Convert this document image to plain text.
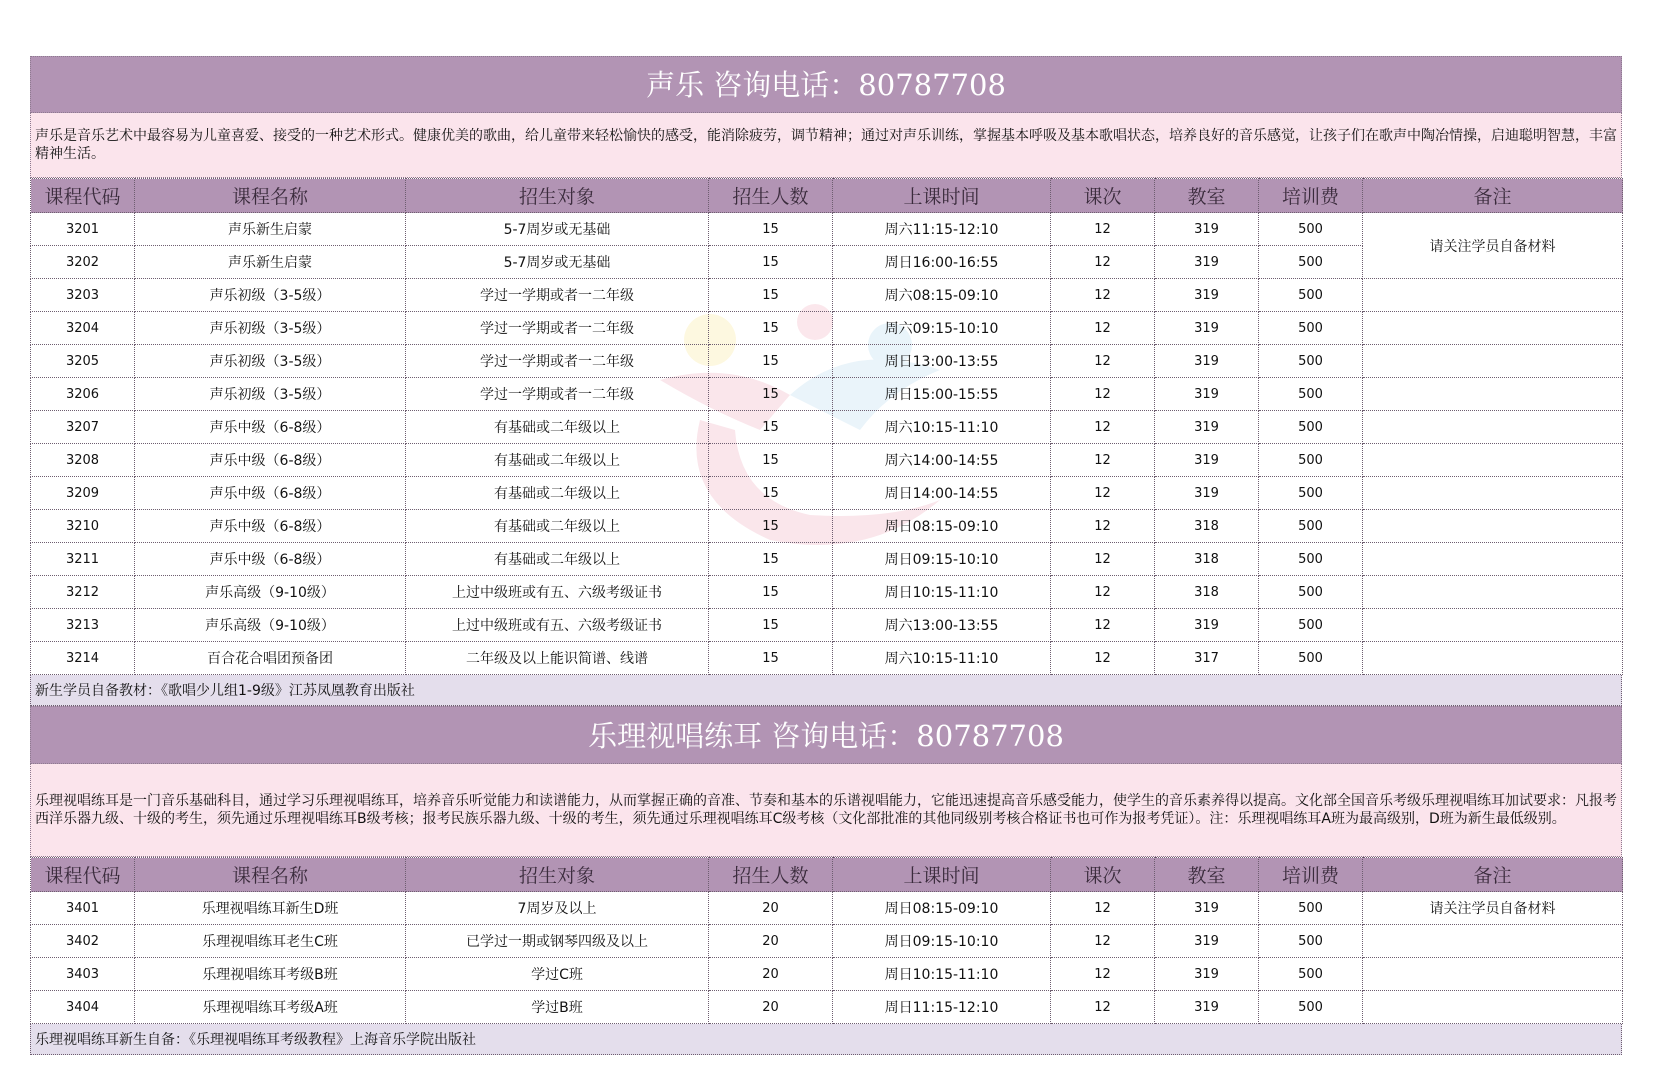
声乐 咨询电话：80787708
声乐是音乐艺术中最容易为儿童喜爱、接受的一种艺术形式。健康优美的歌曲，给儿童带来轻松愉快的感受，能消除疲劳，调节精神；通过对声乐训练，掌握基本呼吸及基本歌唱状态，培养良好的音乐感觉，让孩子们在歌声中陶冶情操，启迪聪明智慧，丰富精神生活。
课程代码	课程名称	招生对象	招生人数	上课时间	课次	教室	培训费	备注
3201	声乐新生启蒙	5-7周岁或无基础	15	周六11:15-12:10	12	319	500	请关注学员自备材料
3202	声乐新生启蒙	5-7周岁或无基础	15	周日16:00-16:55	12	319	500	
3203	声乐初级（3-5级）	学过一学期或者一二年级	15	周六08:15-09:10	12	319	500	
3204	声乐初级（3-5级）	学过一学期或者一二年级	15	周六09:15-10:10	12	319	500	
3205	声乐初级（3-5级）	学过一学期或者一二年级	15	周日13:00-13:55	12	319	500	
3206	声乐初级（3-5级）	学过一学期或者一二年级	15	周日15:00-15:55	12	319	500	
3207	声乐中级（6-8级）	有基础或二年级以上	15	周六10:15-11:10	12	319	500	
3208	声乐中级（6-8级）	有基础或二年级以上	15	周六14:00-14:55	12	319	500	
3209	声乐中级（6-8级）	有基础或二年级以上	15	周日14:00-14:55	12	319	500	
3210	声乐中级（6-8级）	有基础或二年级以上	15	周日08:15-09:10	12	318	500	
3211	声乐中级（6-8级）	有基础或二年级以上	15	周日09:15-10:10	12	318	500	
3212	声乐高级（9-10级）	上过中级班或有五、六级考级证书	15	周日10:15-11:10	12	318	500	
3213	声乐高级（9-10级）	上过中级班或有五、六级考级证书	15	周六13:00-13:55	12	319	500	
3214	百合花合唱团预备团	二年级及以上能识简谱、线谱	15	周六10:15-11:10	12	317	500	
新生学员自备教材：《歌唱少儿组1-9级》江苏凤凰教育出版社
乐理视唱练耳 咨询电话：80787708
乐理视唱练耳是一门音乐基础科目，通过学习乐理视唱练耳，培养音乐听觉能力和读谱能力，从而掌握正确的音准、节奏和基本的乐谱视唱能力，它能迅速提高音乐感受能力，使学生的音乐素养得以提高。文化部全国音乐考级乐理视唱练耳加试要求：凡报考西洋乐器九级、十级的考生，须先通过乐理视唱练耳B级考核；报考民族乐器九级、十级的考生，须先通过乐理视唱练耳C级考核（文化部批准的其他同级别考核合格证书也可作为报考凭证）。注：乐理视唱练耳A班为最高级别，D班为新生最低级别。
课程代码	课程名称	招生对象	招生人数	上课时间	课次	教室	培训费	备注
3401	乐理视唱练耳新生D班	7周岁及以上	20	周日08:15-09:10	12	319	500	请关注学员自备材料
3402	乐理视唱练耳老生C班	已学过一期或钢琴四级及以上	20	周日09:15-10:10	12	319	500	
3403	乐理视唱练耳考级B班	学过C班	20	周日10:15-11:10	12	319	500	
3404	乐理视唱练耳考级A班	学过B班	20	周日11:15-12:10	12	319	500	
乐理视唱练耳新生自备：《乐理视唱练耳考级教程》上海音乐学院出版社
